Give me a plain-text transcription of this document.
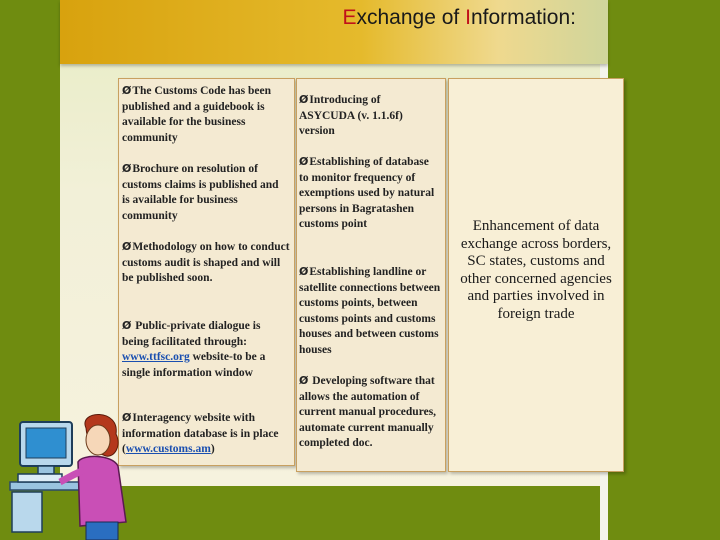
Exchange of Information:
ØThe Customs Code has been published and a guidebook is available for the business community
ØBrochure on resolution of customs claims is published and is available for business community
ØMethodology on how to conduct customs audit is shaped and will be published soon.
Ø Public-private dialogue is being facilitated through: www.ttfsc.org website-to be a single information window
ØInteragency website with information database is in place (www.customs.am)
ØIntroducing of ASYCUDA (v. 1.1.6f) version
ØEstablishing of database to monitor frequency of exemptions used by natural persons in Bagratashen customs point
ØEstablishing landline or satellite connections between customs points, between customs points and customs houses and between customs houses
Ø Developing software that allows the automation of current manual procedures, automate current manually completed doc.
Enhancement of data exchange across borders, SC states, customs and other concerned agencies and parties involved in foreign trade
